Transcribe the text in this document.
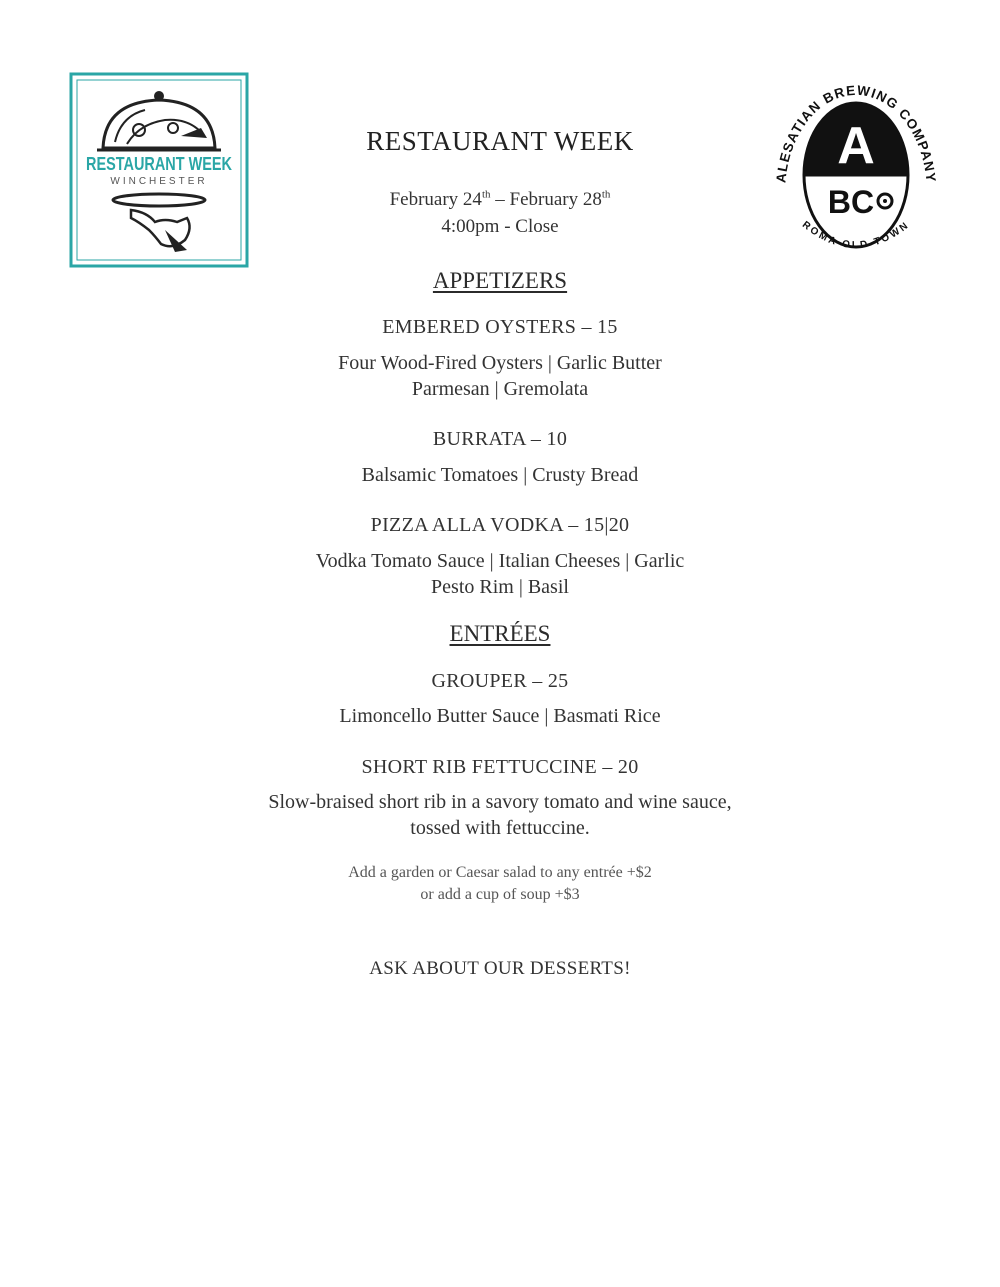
RESTAURANT WEEK
WINCHESTER	ALESATIAN BREWING COMPANY
A
BC
ROMA OLD TOWN
RESTAURANT WEEK
February 24th – February 28th
4:00pm - Close
APPETIZERS
EMBERED OYSTERS – 15
Four Wood-Fired Oysters | Garlic Butter
Parmesan | Gremolata
BURRATA – 10
Balsamic Tomatoes | Crusty Bread
PIZZA ALLA VODKA – 15|20
Vodka Tomato Sauce | Italian Cheeses | Garlic
Pesto Rim | Basil
ENTRÉES
GROUPER – 25
Limoncello Butter Sauce | Basmati Rice
SHORT RIB FETTUCCINE – 20
Slow-braised short rib in a savory tomato and wine sauce,
tossed with fettuccine.
Add a garden or Caesar salad to any entrée +$2
or add a cup of soup +$3
ASK ABOUT OUR DESSERTS!
